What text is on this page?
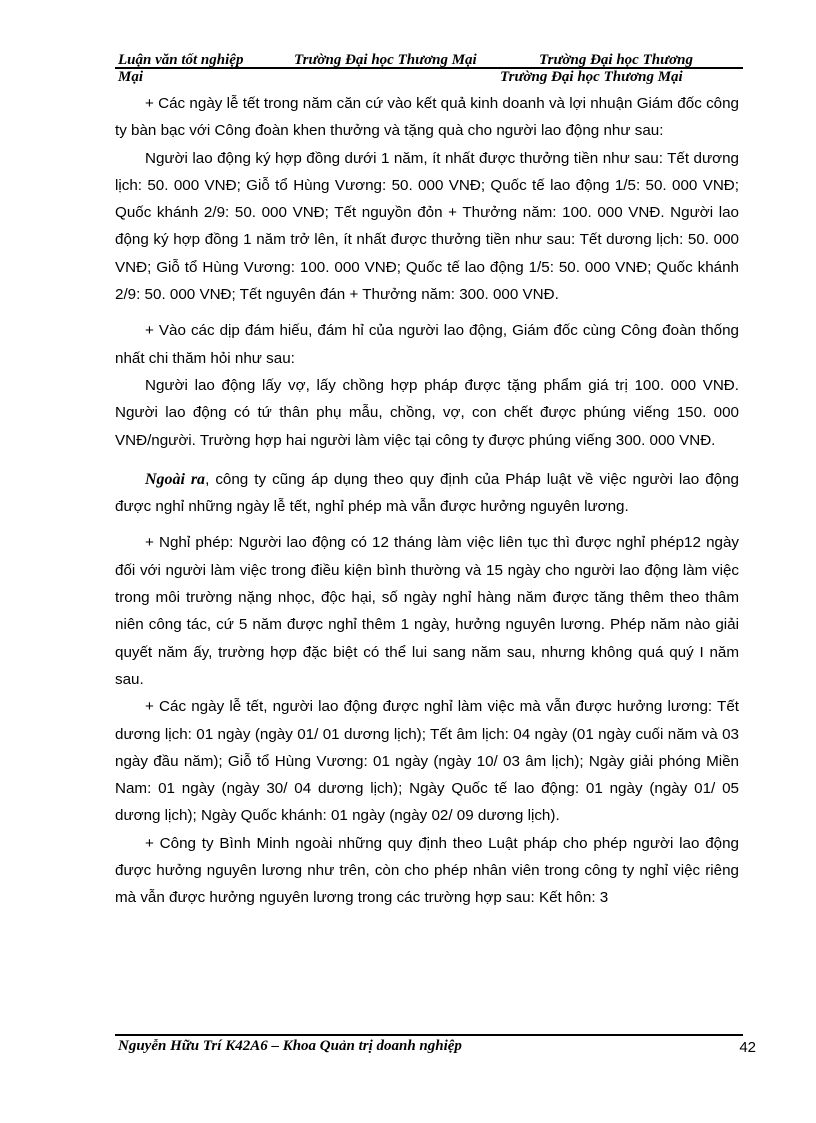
Luận văn tốt nghiệp	Trường Đại học Thương Mại	Trường Đại học Thương
Mại	Trường Đại học Thương Mại

+ Các ngày lễ tết trong năm căn cứ vào kết quả kinh doanh và lợi nhuận Giám đốc công ty bàn bạc với Công đoàn khen thưởng và tặng quà cho người lao động như sau:

Người lao động ký hợp đồng dưới 1 năm, ít nhất được thưởng tiền như sau: Tết dương lịch: 50. 000 VNĐ; Giỗ tổ Hùng Vương: 50. 000 VNĐ; Quốc tế lao động 1/5: 50. 000 VNĐ; Quốc khánh 2/9: 50. 000 VNĐ; Tết nguyồn đỏn + Thưởng năm: 100. 000 VNĐ. Người lao động ký hợp đồng 1 năm trở lên, ít nhất được thưởng tiền như sau: Tết dương lịch: 50. 000 VNĐ; Giỗ tổ Hùng Vương: 100. 000 VNĐ; Quốc tế lao động 1/5: 50. 000 VNĐ; Quốc khánh 2/9: 50. 000 VNĐ; Tết nguyên đán + Thưởng năm: 300. 000 VNĐ.

+ Vào các dịp đám hiếu, đám hỉ của người lao động, Giám đốc cùng Công đoàn thống nhất chi thăm hỏi như sau:

Người lao động lấy vợ, lấy chồng hợp pháp được tặng phẩm giá trị 100. 000 VNĐ. Người lao động có tứ thân phụ mẫu, chồng, vợ, con chết được phúng viếng 150. 000 VNĐ/người. Trường hợp hai người làm việc tại công ty được phúng viếng 300. 000 VNĐ.

Ngoài ra, công ty cũng áp dụng theo quy định của Pháp luật về việc người lao động được nghỉ những ngày lễ tết, nghỉ phép mà vẫn được hưởng nguyên lương.

+ Nghỉ phép: Người lao động có 12 tháng làm việc liên tục thì được nghỉ phép12 ngày đối với người làm việc trong điều kiện bình thường và 15 ngày cho người lao động làm việc trong môi trường nặng nhọc, độc hại, số ngày nghỉ hàng năm được tăng thêm theo thâm niên công tác, cứ 5 năm được nghỉ thêm 1 ngày, hưởng nguyên lương. Phép năm nào giải quyết năm ấy, trường hợp đặc biệt có thể lui sang năm sau, nhưng không quá quý I năm sau.

+ Các ngày lễ tết, người lao động được nghỉ làm việc mà vẫn được hưởng lương: Tết dương lịch: 01 ngày (ngày 01/ 01 dương lịch); Tết âm lịch: 04 ngày (01 ngày cuối năm và 03 ngày đầu năm); Giỗ tổ Hùng Vương: 01 ngày (ngày 10/ 03 âm lịch); Ngày giải phóng Miền Nam: 01 ngày (ngày 30/ 04 dương lịch); Ngày Quốc tế lao động: 01 ngày (ngày 01/ 05 dương lịch); Ngày Quốc khánh: 01 ngày (ngày 02/ 09 dương lịch).

+ Công ty Bình Minh ngoài những quy định theo Luật pháp cho phép người lao động được hưởng nguyên lương như trên, còn cho phép nhân viên trong công ty nghỉ việc riêng mà vẫn được hưởng nguyên lương trong các trường hợp sau: Kết hôn: 3

Nguyễn Hữu Trí K42A6 – Khoa Quản trị doanh nghiệp	42
